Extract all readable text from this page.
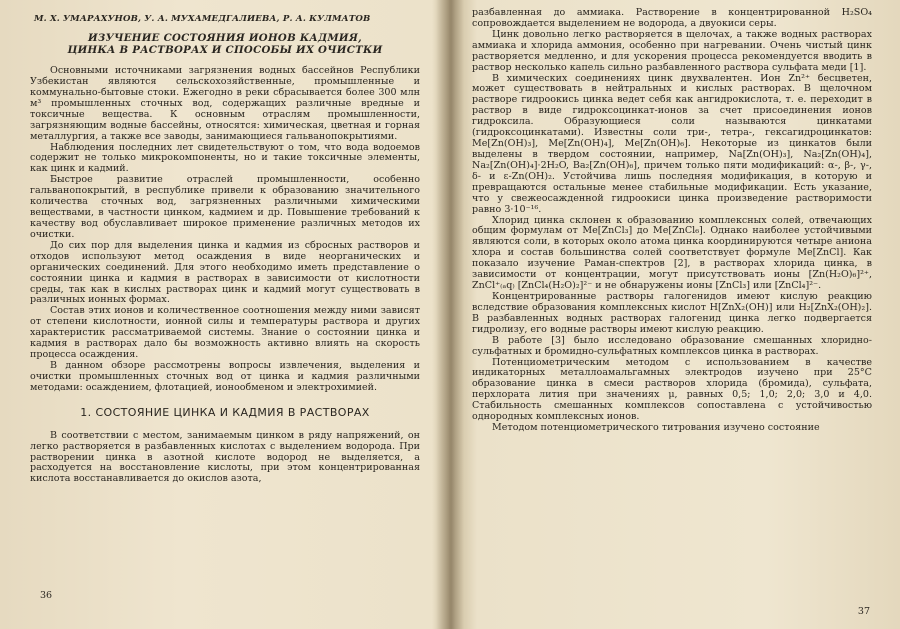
М. Х. УМАРАХУНОВ, У. А. МУХАМЕДГАЛИЕВА, Р. А. КУЛМАТОВ

ИЗУЧЕНИЕ СОСТОЯНИЯ ИОНОВ КАДМИЯ,
ЦИНКА В РАСТВОРАХ И СПОСОБЫ ИХ ОЧИСТКИ

Основными источниками загрязнения водных бассейнов Республики Узбекистан являются сельскохозяйственные, промышленные и коммунально-бытовые стоки. Ежегодно в реки сбрасывается более 300 млн м³ промышленных сточных вод, содержащих различные вредные и токсичные вещества. К основным отраслям промышленности, загрязняющим водные бассейны, относятся: химическая, цветная и горная металлургия, а также все заводы, занимающиеся гальванопокрытиями.

Наблюдения последних лет свидетельствуют о том, что вода водоемов содержит не только микрокомпоненты, но и такие токсичные элементы, как цинк и кадмий.

Быстрое развитие отраслей промышленности, особенно гальванопокрытий, в республике привели к образованию значительного количества сточных вод, загрязненных различными химическими веществами, в частности цинком, кадмием и др. Повышение требований к качеству вод обуславливает широкое применение различных методов их очистки.

До сих пор для выделения цинка и кадмия из сбросных растворов и отходов используют метод осаждения в виде неорганических и органических соединений. Для этого необходимо иметь представление о состоянии цинка и кадмия в растворах в зависимости от кислотности среды, так как в кислых растворах цинк и кадмий могут существовать в различных ионных формах.

Состав этих ионов и количественное соотношения между ними зависят от степени кислотности, ионной силы и температуры раствора и других характеристик рассматриваемой системы. Знание о состоянии цинка и кадмия в растворах дало бы возможность активно влиять на скорость процесса осаждения.

В данном обзоре рассмотрены вопросы извлечения, выделения и очистки промышленных сточных вод от цинка и кадмия различными методами: осаждением, флотацией, ионообменом и электрохимией.

1. СОСТОЯНИЕ ЦИНКА И КАДМИЯ В РАСТВОРАХ

В соответствии с местом, занимаемым цинком в ряду напряжений, он легко растворяется в разбавленных кислотах с выделением водорода. При растворении цинка в азотной кислоте водород не выделяется, а расходуется на восстановление кислоты, при этом концентрированная кислота восстанавливается до окислов азота,

36

разбавленная до аммиака. Растворение в концентрированной H₂SO₄ сопровождается выделением не водорода, а двуокиси серы.

Цинк довольно легко растворяется в щелочах, а также водных растворах аммиака и хлорида аммония, особенно при нагревании. Очень чистый цинк растворяется медленно, и для ускорения процесса рекомендуется вводить в раствор несколько капель сильно разбавленного раствора сульфата меди [1].

В химических соединениях цинк двухвалентен. Ион Zn²⁺ бесцветен, может существовать в нейтральных и кислых растворах. В щелочном растворе гидроокись цинка ведет себя как ангидрокислота, т. е. переходит в раствор в виде гидроксоцинкат-ионов за счет присоединения ионов гидроксила. Образующиеся соли называются цинкатами (гидроксоцинкатами). Известны соли три-, тетра-, гексагидроцинкатов: Me[Zn(OH)₃], Me[Zn(OH)₄], Me[Zn(OH)₆]. Некоторые из цинкатов были выделены в твердом состоянии, например, Na[Zn(OH)₃], Na₂[Zn(OH)₄], Na₂[Zn(OH)₄]·2H₂O, Ba₂[Zn(OH)₆], причем только пяти модификаций: α-, β-, γ-, δ- и ε-Zn(OH)₂. Устойчива лишь последняя модификация, в которую и превращаются остальные менее стабильные модификации. Есть указание, что у свежеосажденной гидроокиси цинка произведение растворимости равно 3·10⁻¹⁶.

Хлорид цинка склонен к образованию комплексных солей, отвечающих общим формулам от Me[ZnCl₃] до Me[ZnCl₆]. Однако наиболее устойчивыми являются соли, в которых около атома цинка координируются четыре аниона хлора и состав большинства солей соответствует формуле Me[ZnCl]. Как показало изучение Раман-спектров [2], в растворах хлорида цинка, в зависимости от концентрации, могут присутствовать ионы [Zn(H₂O)₆]²⁺, ZnCl⁺₍ₐq₎ [ZnCl₄(H₂O)₂]²⁻ и не обнаружены ионы [ZnCl₃] или [ZnCl₄]²⁻.

Концентрированные растворы галогенидов имеют кислую реакцию вследствие образования комплексных кислот H[ZnX₂(OH)] или H₂[ZnX₂(OH)₂]. В разбавленных водных растворах галогенид цинка легко подвергается гидролизу, его водные растворы имеют кислую реакцию.

В работе [3] было исследовано образование смешанных хлоридно-сульфатных и бромидно-сульфатных комплексов цинка в растворах.

Потенциометрическим методом с использованием в качестве индикаторных металлоамальгамных электродов изучено при 25°С образование цинка в смеси растворов хлорида (бромида), сульфата, перхлората лития при значениях μ, равных 0,5; 1,0; 2,0; 3,0 и 4,0. Стабильность смешанных комплексов сопоставлена с устойчивостью однородных комплексных ионов.

Методом потенциометрического титрования изучено состояние

37
